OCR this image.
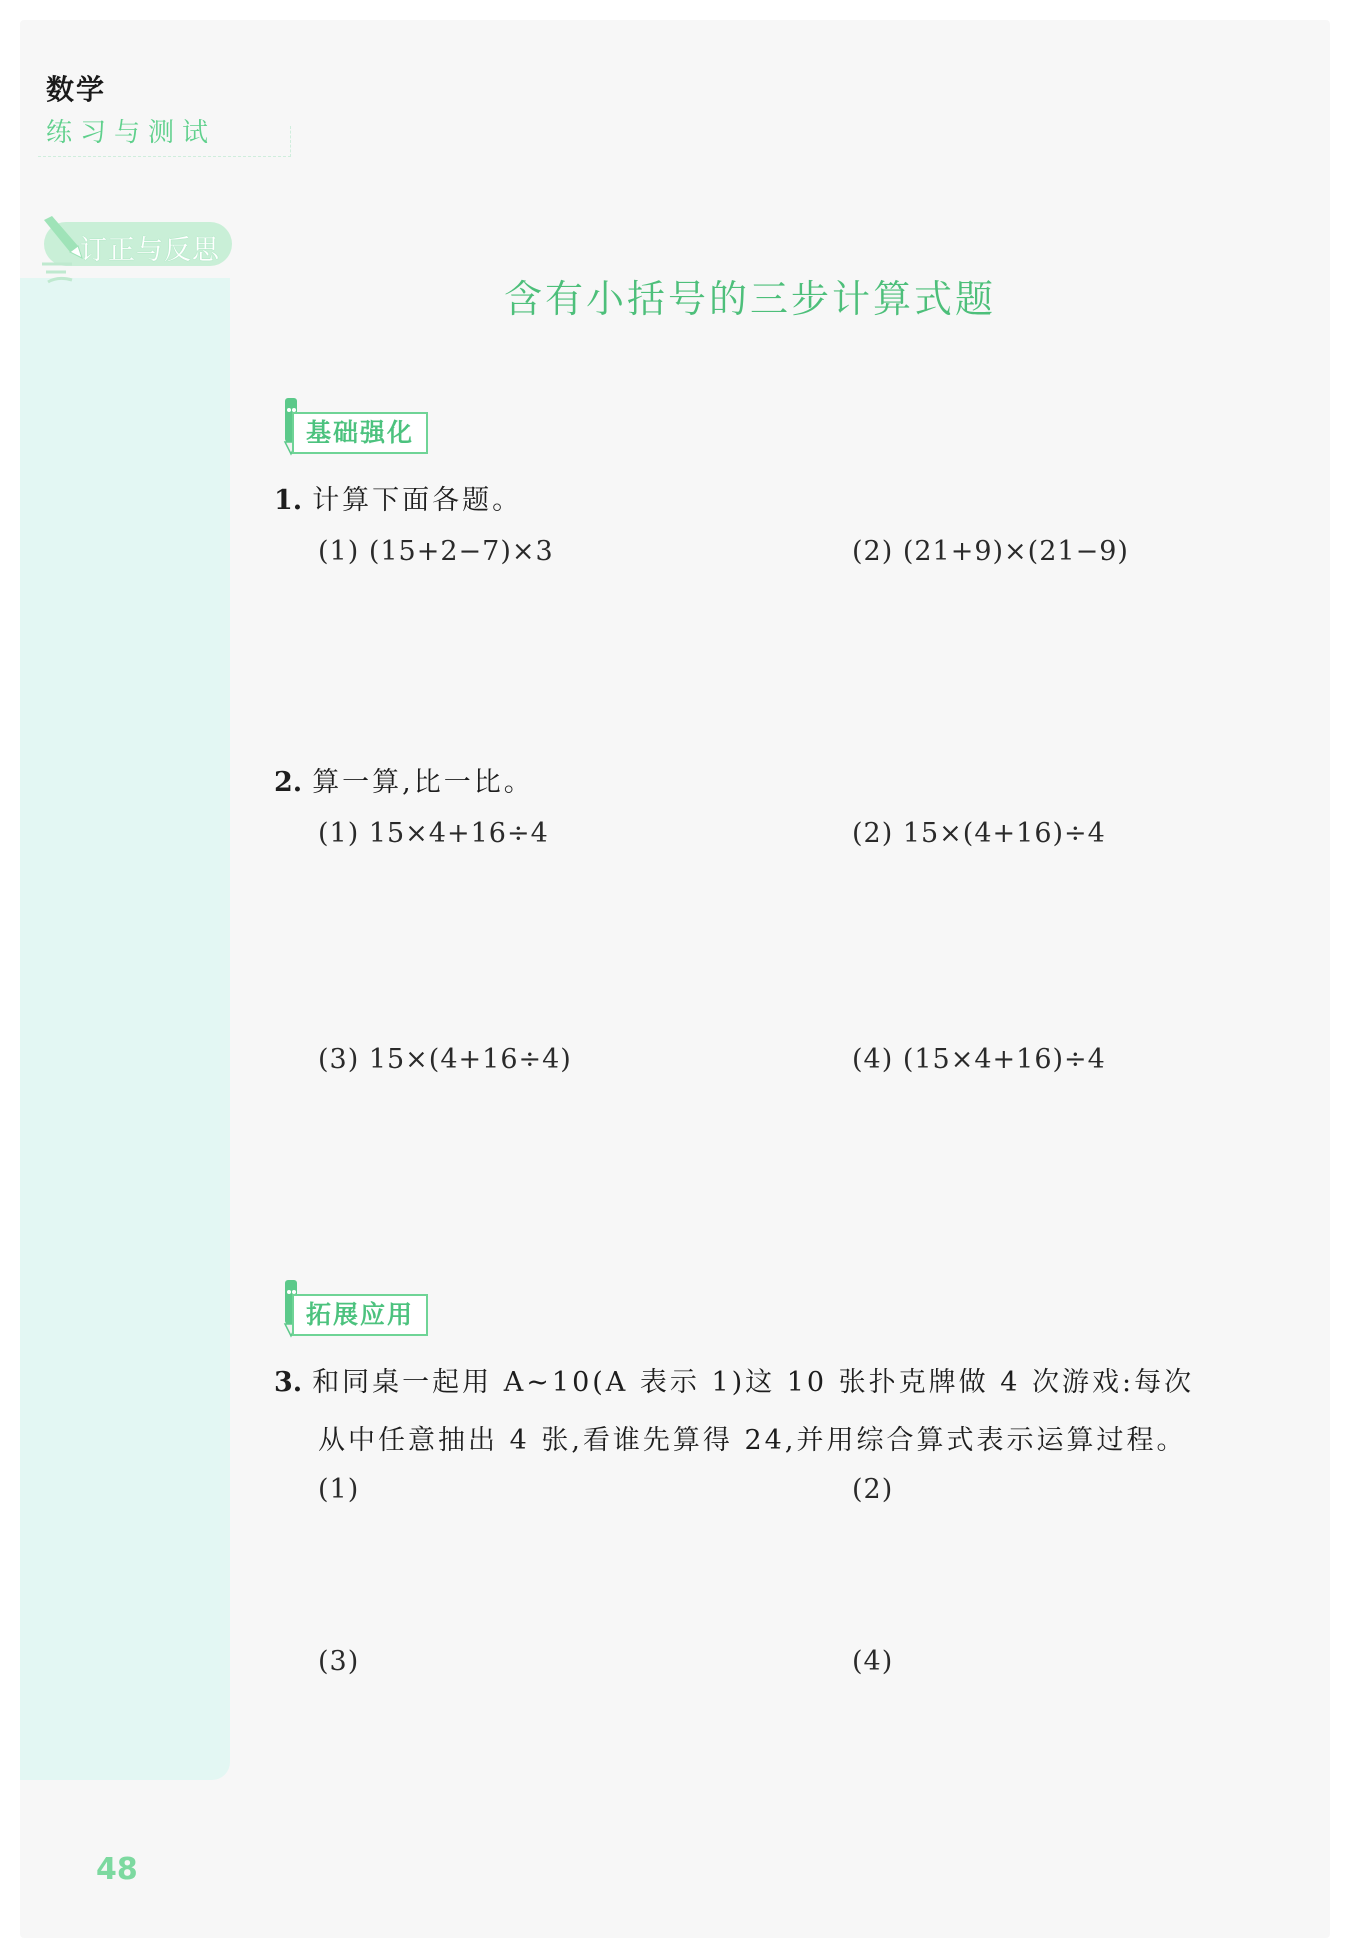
数学
练习与测试
订正与反思
含有小括号的三步计算式题
基础强化
1. 计算下面各题。
(1) (15+2−7)×3	(2) (21+9)×(21−9)
2. 算一算,比一比。
(1) 15×4+16÷4	(2) 15×(4+16)÷4
(3) 15×(4+16÷4)	(4) (15×4+16)÷4
拓展应用
3. 和同桌一起用 A~10(A 表示 1)这 10 张扑克牌做 4 次游戏:每次
从中任意抽出 4 张,看谁先算得 24,并用综合算式表示运算过程。
(1)	(2)
(3)	(4)
48
